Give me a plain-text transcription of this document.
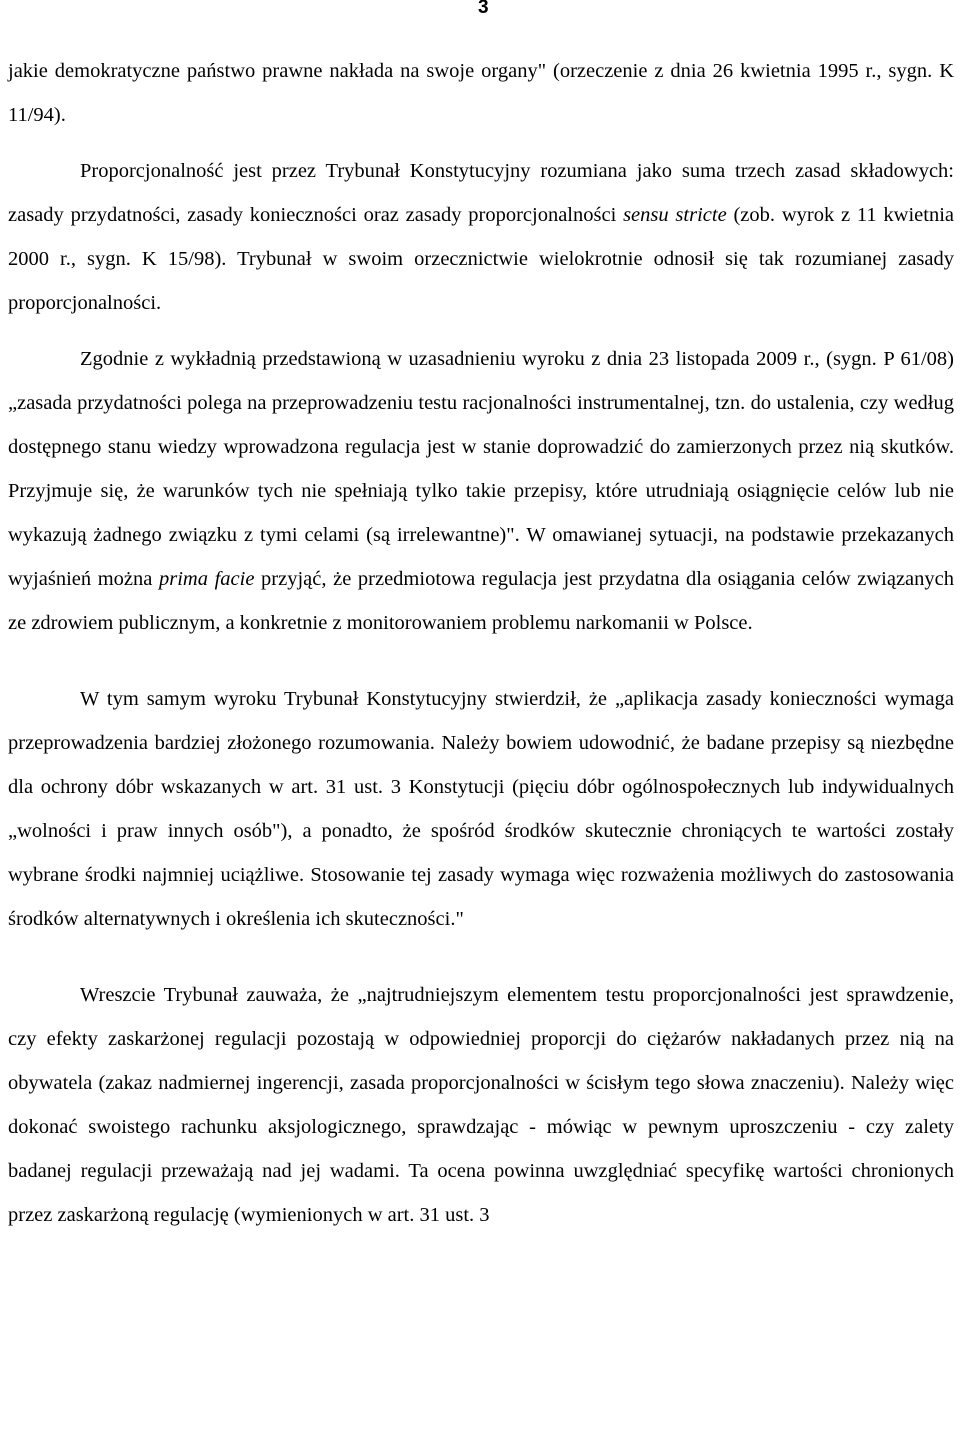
3

jakie demokratyczne państwo prawne nakłada na swoje organy" (orzeczenie z dnia 26 kwietnia 1995 r., sygn. K 11/94).

Proporcjonalność jest przez Trybunał Konstytucyjny rozumiana jako suma trzech zasad składowych: zasady przydatności, zasady konieczności oraz zasady proporcjonalności sensu stricte (zob. wyrok z 11 kwietnia 2000 r., sygn. K 15/98). Trybunał w swoim orzecznictwie wielokrotnie odnosił się tak rozumianej zasady proporcjonalności.

Zgodnie z wykładnią przedstawioną w uzasadnieniu wyroku z dnia 23 listopada 2009 r., (sygn. P 61/08) „zasada przydatności polega na przeprowadzeniu testu racjonalności instrumentalnej, tzn. do ustalenia, czy według dostępnego stanu wiedzy wprowadzona regulacja jest w stanie doprowadzić do zamierzonych przez nią skutków. Przyjmuje się, że warunków tych nie spełniają tylko takie przepisy, które utrudniają osiągnięcie celów lub nie wykazują żadnego związku z tymi celami (są irrelewantne)". W omawianej sytuacji, na podstawie przekazanych wyjaśnień można prima facie przyjąć, że przedmiotowa regulacja jest przydatna dla osiągania celów związanych ze zdrowiem publicznym, a konkretnie z monitorowaniem problemu narkomanii w Polsce.

W tym samym wyroku Trybunał Konstytucyjny stwierdził, że „aplikacja zasady konieczności wymaga przeprowadzenia bardziej złożonego rozumowania. Należy bowiem udowodnić, że badane przepisy są niezbędne dla ochrony dóbr wskazanych w art. 31 ust. 3 Konstytucji (pięciu dóbr ogólnospołecznych lub indywidualnych „wolności i praw innych osób"), a ponadto, że spośród środków skutecznie chroniących te wartości zostały wybrane środki najmniej uciążliwe. Stosowanie tej zasady wymaga więc rozważenia możliwych do zastosowania środków alternatywnych i określenia ich skuteczności."

Wreszcie Trybunał zauważa, że „najtrudniejszym elementem testu proporcjonalności jest sprawdzenie, czy efekty zaskarżonej regulacji pozostają w odpowiedniej proporcji do ciężarów nakładanych przez nią na obywatela (zakaz nadmiernej ingerencji, zasada proporcjonalności w ścisłym tego słowa znaczeniu). Należy więc dokonać swoistego rachunku aksjologicznego, sprawdzając - mówiąc w pewnym uproszczeniu - czy zalety badanej regulacji przeważają nad jej wadami. Ta ocena powinna uwzględniać specyfikę wartości chronionych przez zaskarżoną regulację (wymienionych w art. 31 ust. 3
